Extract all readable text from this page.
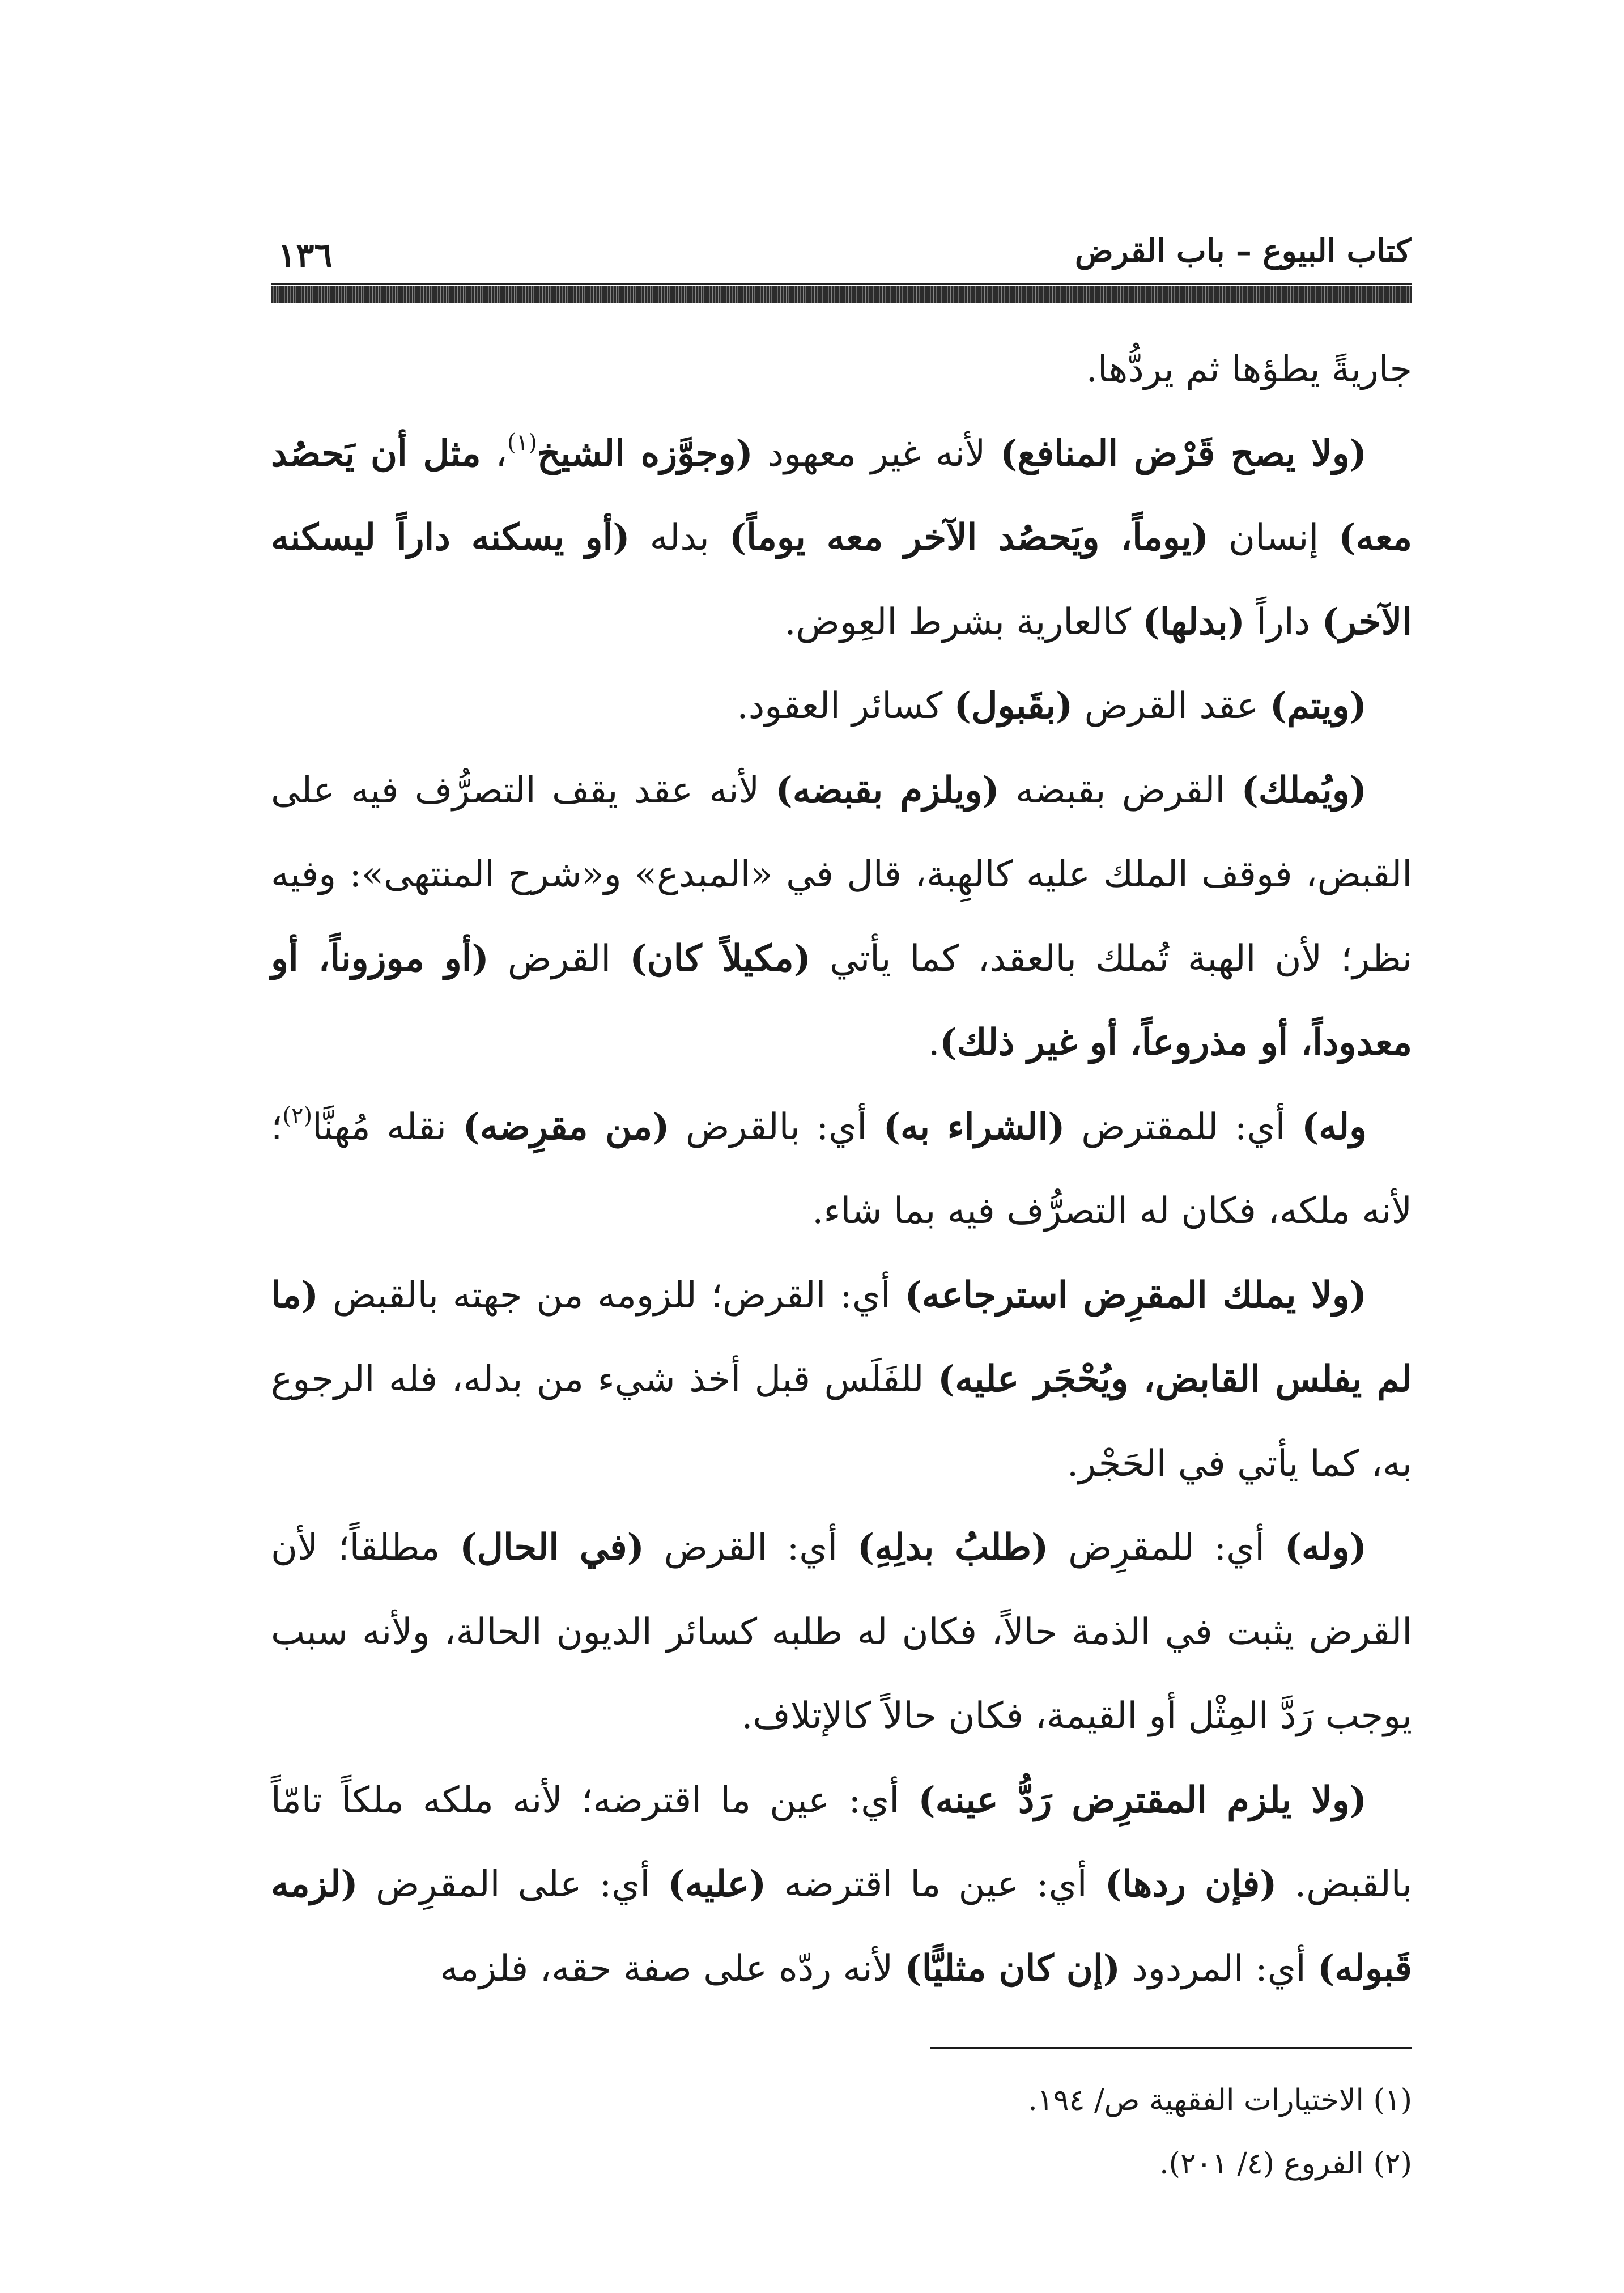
كتاب البيوع – باب القرض
١٣٦

جاريةً يطؤها ثم يردُّها.

(ولا يصح قَرْض المنافع) لأنه غير معهود (وجوَّزه الشيخ$^{(١)}$، مثل أن يَحصُد معه) إنسان (يوماً، ويَحصُد الآخر معه يوماً) بدله (أو يسكنه داراً ليسكنه الآخر) داراً (بدلها) كالعارية بشرط العِوض.

(ويتم) عقد القرض (بقَبول) كسائر العقود.

(ويُملك) القرض بقبضه (ويلزم بقبضه) لأنه عقد يقف التصرُّف فيه على القبض، فوقف الملك عليه كالهِبة، قال في «المبدع» و«شرح المنتهى»: وفيه نظر؛ لأن الهبة تُملك بالعقد، كما يأتي (مكيلاً كان) القرض (أو موزوناً، أو معدوداً، أو مذروعاً، أو غير ذلك).

وله) أي: للمقترض (الشراء به) أي: بالقرض (من مقرِضه) نقله مُهنَّا$^{(٢)}$؛ لأنه ملكه، فكان له التصرُّف فيه بما شاء.

(ولا يملك المقرِض استرجاعه) أي: القرض؛ للزومه من جهته بالقبض (ما لم يفلس القابض، ويُحْجَر عليه) للفَلَس قبل أخذ شيء من بدله، فله الرجوع به، كما يأتي في الحَجْر.

(وله) أي: للمقرِض (طلبُ بدلِهِ) أي: القرض (في الحال) مطلقاً؛ لأن القرض يثبت في الذمة حالاً، فكان له طلبه كسائر الديون الحالة، ولأنه سبب يوجب رَدَّ المِثْل أو القيمة، فكان حالاً كالإتلاف.

(ولا يلزم المقترِض رَدُّ عينه) أي: عين ما اقترضه؛ لأنه ملكه ملكاً تامّاً بالقبض. (فإن ردها) أي: عين ما اقترضه (عليه) أي: على المقرِض (لزمه قَبوله) أي: المردود (إن كان مثليًّا) لأنه ردّه على صفة حقه، فلزمه

(١) الاختيارات الفقهية ص/ ١٩٤.

(٢) الفروع (٤/ ٢٠١).
